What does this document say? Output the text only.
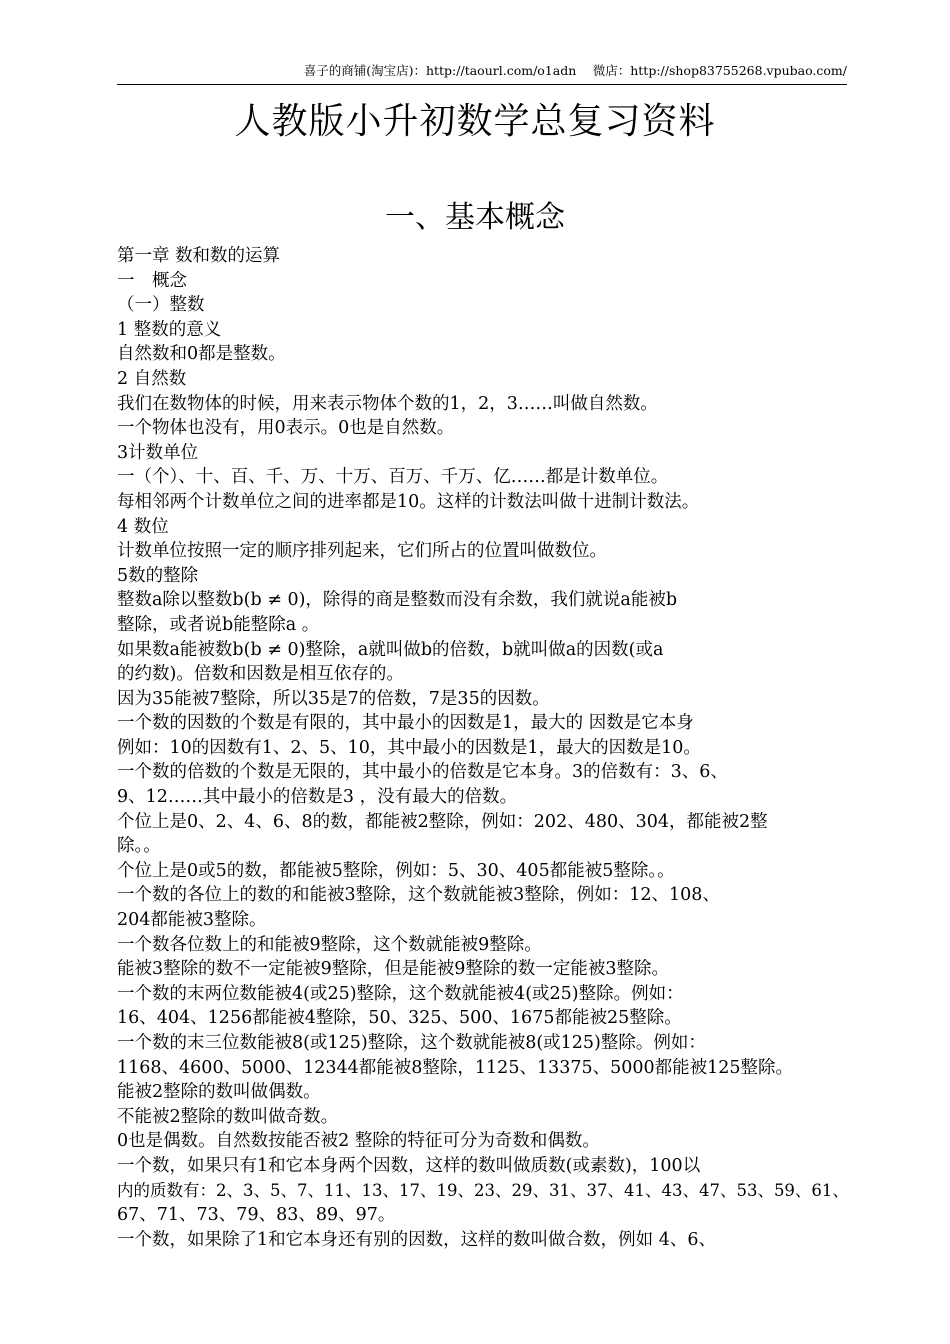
喜子的商铺(淘宝店)：http://taourl.com/o1adn　 微店：http://shop83755268.vpubao.com/
人教版小升初数学总复习资料
一、基本概念
第一章 数和数的运算
一　概念
（一）整数
1 整数的意义
自然数和0都是整数。
2 自然数
我们在数物体的时候，用来表示物体个数的1，2，3……叫做自然数。
一个物体也没有，用0表示。0也是自然数。
3计数单位
一（个）、十、百、千、万、十万、百万、千万、亿……都是计数单位。
每相邻两个计数单位之间的进率都是10。这样的计数法叫做十进制计数法。
4 数位
计数单位按照一定的顺序排列起来，它们所占的位置叫做数位。
5数的整除
整数a除以整数b(b ≠ 0)，除得的商是整数而没有余数，我们就说a能被b
整除，或者说b能整除a 。
如果数a能被数b(b ≠ 0)整除，a就叫做b的倍数，b就叫做a的因数(或a
的约数)。倍数和因数是相互依存的。
因为35能被7整除，所以35是7的倍数，7是35的因数。
一个数的因数的个数是有限的，其中最小的因数是1，最大的 因数是它本身
例如：10的因数有1、2、5、10，其中最小的因数是1，最大的因数是10。
一个数的倍数的个数是无限的，其中最小的倍数是它本身。3的倍数有：3、6、
9、12……其中最小的倍数是3 ，没有最大的倍数。
个位上是0、2、4、6、8的数，都能被2整除，例如：202、480、304，都能被2整
除。。
个位上是0或5的数，都能被5整除，例如：5、30、405都能被5整除。。
一个数的各位上的数的和能被3整除，这个数就能被3整除，例如：12、108、
204都能被3整除。
一个数各位数上的和能被9整除，这个数就能被9整除。
能被3整除的数不一定能被9整除，但是能被9整除的数一定能被3整除。
一个数的末两位数能被4(或25)整除，这个数就能被4(或25)整除。例如：
16、404、1256都能被4整除，50、325、500、1675都能被25整除。
一个数的末三位数能被8(或125)整除，这个数就能被8(或125)整除。例如：
1168、4600、5000、12344都能被8整除，1125、13375、5000都能被125整除。
能被2整除的数叫做偶数。
不能被2整除的数叫做奇数。
0也是偶数。自然数按能否被2 整除的特征可分为奇数和偶数。
一个数，如果只有1和它本身两个因数，这样的数叫做质数(或素数)，100以
内的质数有：2、3、5、7、11、13、17、19、23、29、31、37、41、43、47、53、59、61、
67、71、73、79、83、89、97。
一个数，如果除了1和它本身还有别的因数，这样的数叫做合数，例如 4、6、
